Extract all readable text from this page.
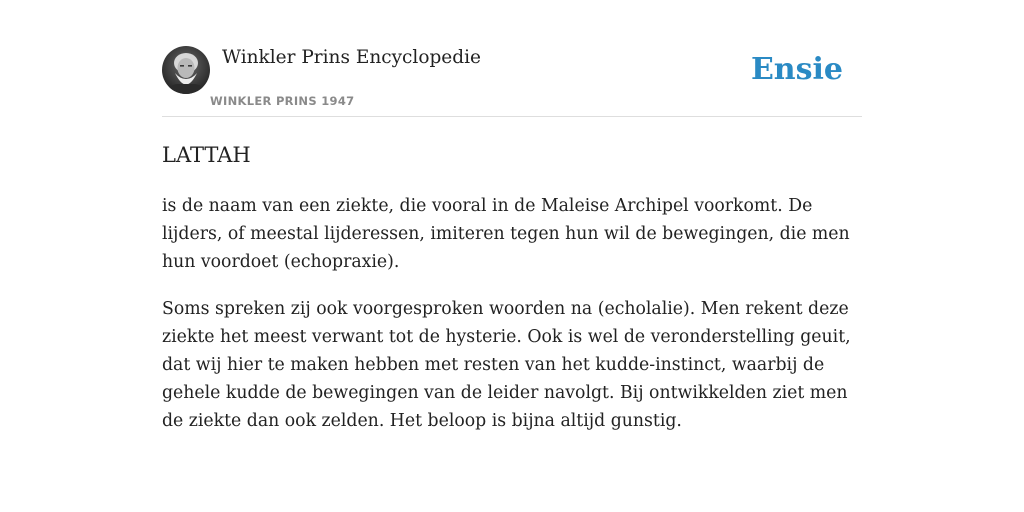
Winkler Prins Encyclopedie
WINKLER PRINS 1947
Ensie
LATTAH

is de naam van een ziekte, die vooral in de Maleise Archipel voorkomt. De lijders, of meestal lijderessen, imiteren tegen hun wil de bewegingen, die men hun voordoet (echopraxie).

Soms spreken zij ook voorgesproken woorden na (echolalie). Men rekent deze ziekte het meest verwant tot de hysterie. Ook is wel de veronderstelling geuit, dat wij hier te maken hebben met resten van het kudde-instinct, waarbij de gehele kudde de bewegingen van de leider navolgt. Bij ontwikkelden ziet men de ziekte dan ook zelden. Het beloop is bijna altijd gunstig.
